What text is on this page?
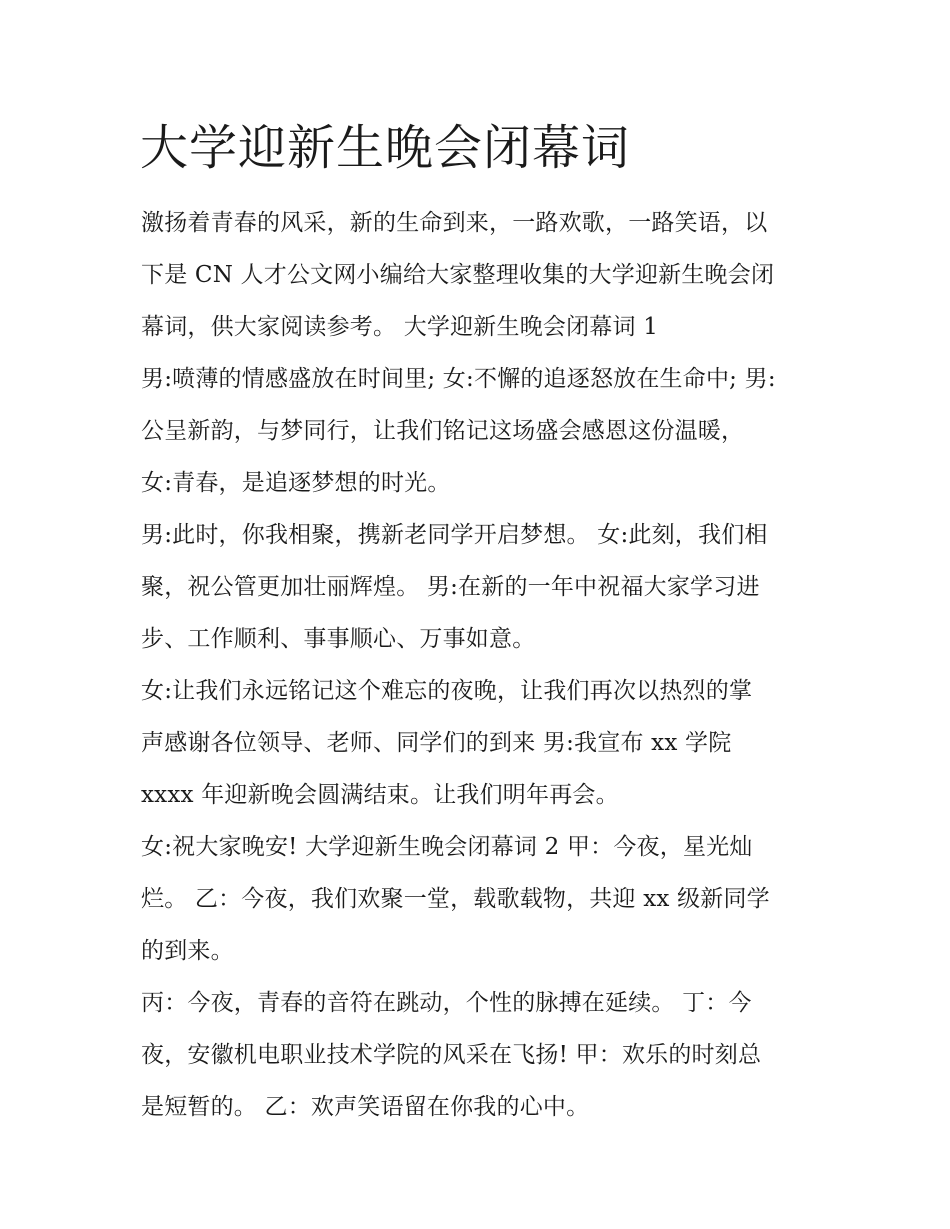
大学迎新生晚会闭幕词
激扬着青春的风采，新的生命到来，一路欢歌，一路笑语，以
下是 CN 人才公文网小编给大家整理收集的大学迎新生晚会闭
幕词，供大家阅读参考。 大学迎新生晚会闭幕词 1
男:喷薄的情感盛放在时间里; 女:不懈的追逐怒放在生命中; 男:
公呈新韵，与梦同行，让我们铭记这场盛会感恩这份温暖，
女:青春，是追逐梦想的时光。
男:此时，你我相聚，携新老同学开启梦想。 女:此刻，我们相
聚，祝公管更加壮丽辉煌。 男:在新的一年中祝福大家学习进
步、工作顺利、事事顺心、万事如意。
女:让我们永远铭记这个难忘的夜晚，让我们再次以热烈的掌
声感谢各位领导、老师、同学们的到来 男:我宣布 xx 学院
xxxx 年迎新晚会圆满结束。让我们明年再会。
女:祝大家晚安! 大学迎新生晚会闭幕词 2 甲：今夜，星光灿
烂。 乙：今夜，我们欢聚一堂，载歌载物，共迎 xx 级新同学
的到来。
丙：今夜，青春的音符在跳动，个性的脉搏在延续。 丁：今
夜，安徽机电职业技术学院的风采在飞扬! 甲：欢乐的时刻总
是短暂的。 乙：欢声笑语留在你我的心中。
